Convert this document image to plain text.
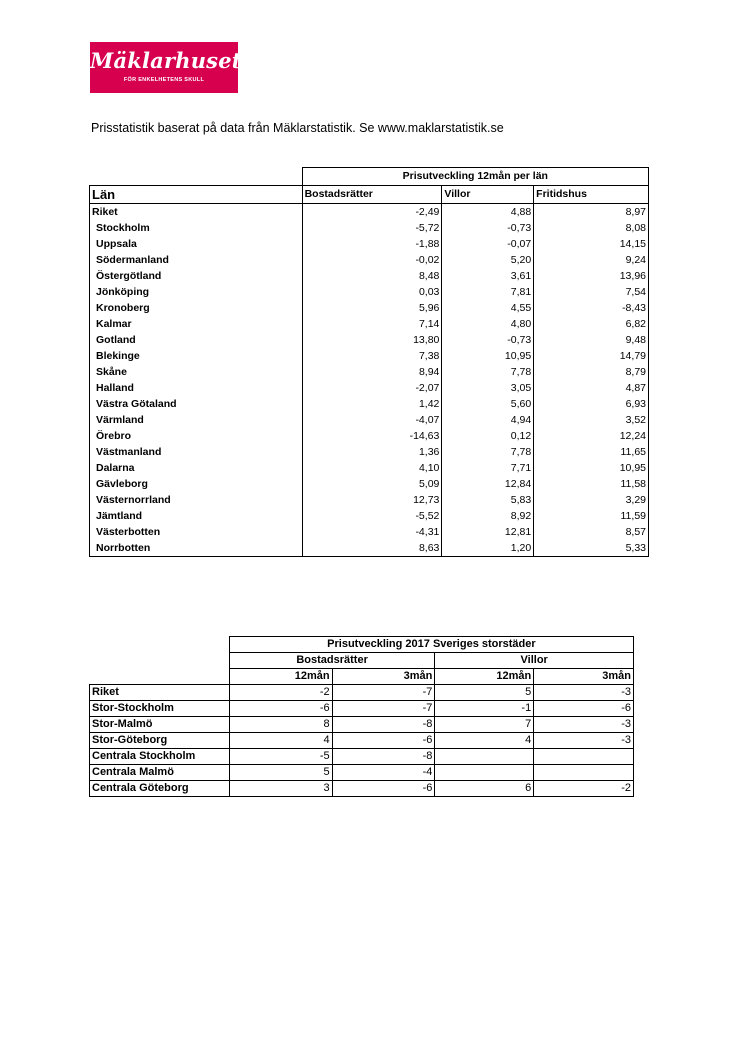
Mäklarhuset
FÖR ENKELHETENS SKULL
Prisstatistik baserat på data från Mäklarstatistik. Se www.maklarstatistik.se
	Prisutveckling 12mån per län		
Län	Bostadsrätter	Villor	Fritidshus
Riket	-2,49	4,88	8,97
Stockholm	-5,72	-0,73	8,08
Uppsala	-1,88	-0,07	14,15
Södermanland	-0,02	5,20	9,24
Östergötland	8,48	3,61	13,96
Jönköping	0,03	7,81	7,54
Kronoberg	5,96	4,55	-8,43
Kalmar	7,14	4,80	6,82
Gotland	13,80	-0,73	9,48
Blekinge	7,38	10,95	14,79
Skåne	8,94	7,78	8,79
Halland	-2,07	3,05	4,87
Västra Götaland	1,42	5,60	6,93
Värmland	-4,07	4,94	3,52
Örebro	-14,63	0,12	12,24
Västmanland	1,36	7,78	11,65
Dalarna	4,10	7,71	10,95
Gävleborg	5,09	12,84	11,58
Västernorrland	12,73	5,83	3,29
Jämtland	-5,52	8,92	11,59
Västerbotten	-4,31	12,81	8,57
Norrbotten	8,63	1,20	5,33
	Prisutveckling 2017 Sveriges storstäder			
	Bostadsrätter		Villor	
	12mån	3mån	12mån	3mån
Riket	-2	-7	5	-3
Stor-Stockholm	-6	-7	-1	-6
Stor-Malmö	8	-8	7	-3
Stor-Göteborg	4	-6	4	-3
Centrala Stockholm	-5	-8		
Centrala Malmö	5	-4		
Centrala Göteborg	3	-6	6	-2
